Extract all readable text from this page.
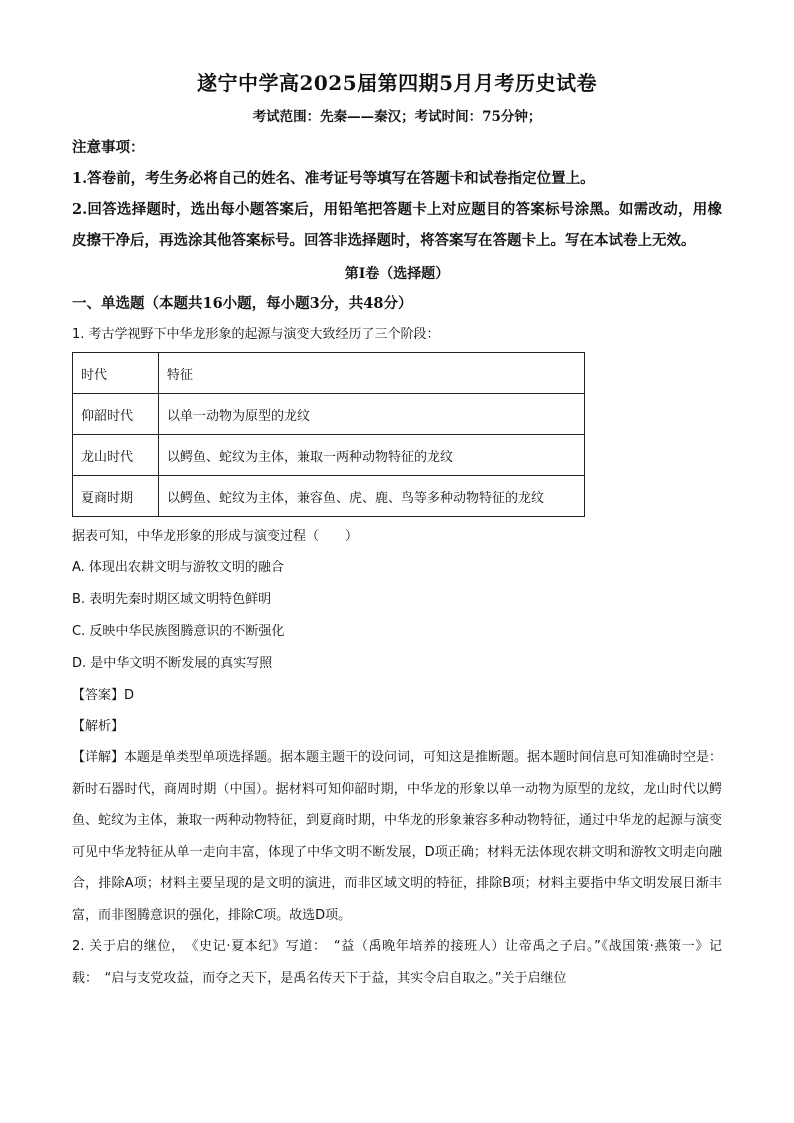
遂宁中学高2025届第四期5月月考历史试卷
考试范围：先秦——秦汉；考试时间：75分钟；
注意事项：
1.答卷前，考生务必将自己的姓名、准考证号等填写在答题卡和试卷指定位置上。
2.回答选择题时，选出每小题答案后，用铅笔把答题卡上对应题目的答案标号涂黑。如需改动，用橡皮擦干净后，再选涂其他答案标号。回答非选择题时，将答案写在答题卡上。写在本试卷上无效。
第Ⅰ卷（选择题）
一、单选题（本题共16小题，每小题3分，共48分）
1. 考古学视野下中华龙形象的起源与演变大致经历了三个阶段：
时代	特征
仰韶时代	以单一动物为原型的龙纹
龙山时代	以鳄鱼、蛇纹为主体，兼取一两种动物特征的龙纹
夏商时期	以鳄鱼、蛇纹为主体，兼容鱼、虎、鹿、鸟等多种动物特征的龙纹
据表可知，中华龙形象的形成与演变过程（　　）
A. 体现出农耕文明与游牧文明的融合
B. 表明先秦时期区域文明特色鲜明
C. 反映中华民族图腾意识的不断强化
D. 是中华文明不断发展的真实写照
【答案】D
【解析】
【详解】本题是单类型单项选择题。据本题主题干的设问词，可知这是推断题。据本题时间信息可知准确时空是：新时石器时代，商周时期（中国）。据材料可知仰韶时期，中华龙的形象以单一动物为原型的龙纹，龙山时代以鳄鱼、蛇纹为主体，兼取一两种动物特征，到夏商时期，中华龙的形象兼容多种动物特征，通过中华龙的起源与演变可见中华龙特征从单一走向丰富，体现了中华文明不断发展，D项正确；材料无法体现农耕文明和游牧文明走向融合，排除A项；材料主要呈现的是文明的演进，而非区域文明的特征，排除B项；材料主要指中华文明发展日渐丰富，而非图腾意识的强化，排除C项。故选D项。
2. 关于启的继位，　《史记·夏本纪》写道：　“益（禹晚年培养的接班人）让帝禹之子启。”《战国策·燕策一》记载：　“启与支党攻益，而夺之天下，是禹名传天下于益，其实令启自取之。”关于启继位
